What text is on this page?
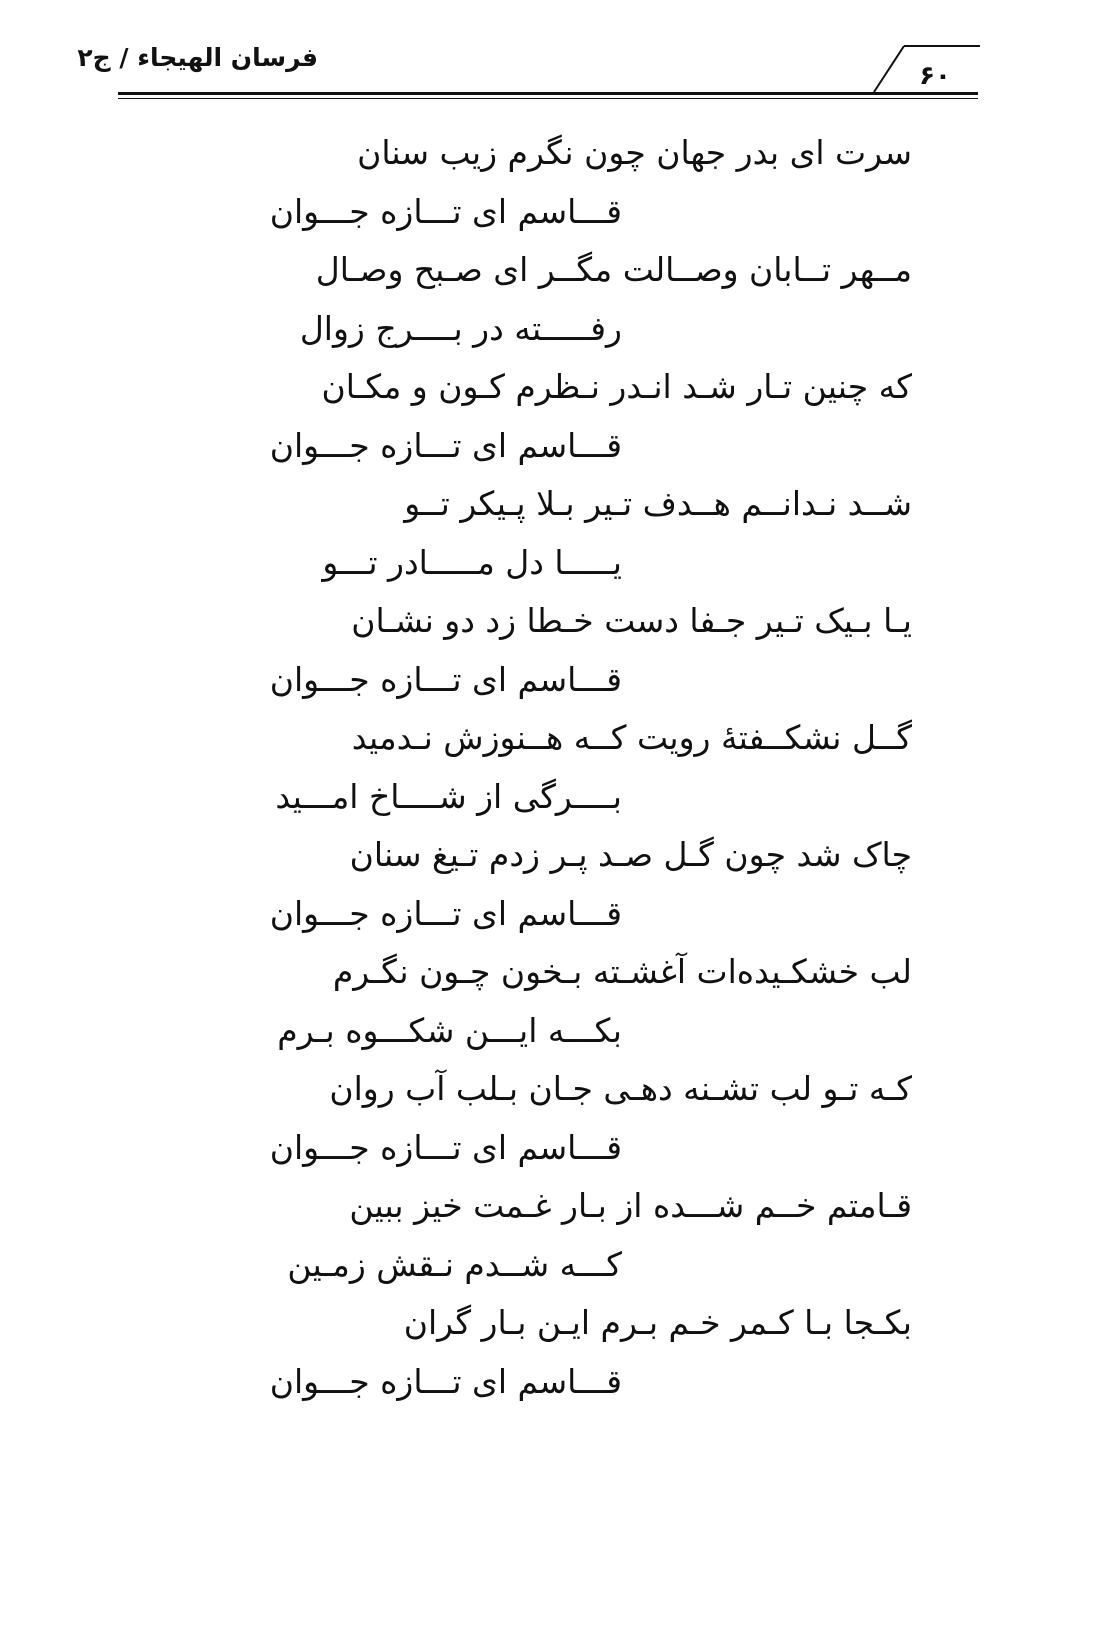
فرسان الهیجاء / ج۲
۶۰
سرت ای بدر جهان چون نگرم زیب سنان
قـــاسم ای تـــازه جـــوان
مــهر تــابان وصــالت مگــر ای صـبح وصـال
رفـــــته در بــــرج زوال
که چنین تـار شـد انـدر نـظرم کـون و مکـان
قـــاسم ای تـــازه جـــوان
شــد نـدانــم هــدف تـیر بـلا پـیکر تــو
یـــــا دل مـــــادر تـــو
یـا بـیک تـیر جـفا دست خـطا زد دو نشـان
قـــاسم ای تـــازه جـــوان
گــل نشکــفتهٔ رویت کــه هــنوزش نـدمید
بــــرگی از شــــاخ امـــید
چاک شد چون گـل صـد پـر زدم تـیغ سنان
قـــاسم ای تـــازه جـــوان
لب خشکـیده‌ات آغشـته بـخون چـون نگـرم
بکـــه ایـــن شکـــوه بـرم
کـه تـو لب تشـنه دهـی جـان بـلب آب روان
قـــاسم ای تـــازه جـــوان
قـامتم خــم شـــده از بـار غـمت خیز ببین
کـــه شــدم نـقش زمـین
بکـجا بـا کـمر خـم بـرم ایـن بـار گران
قـــاسم ای تـــازه جـــوان
